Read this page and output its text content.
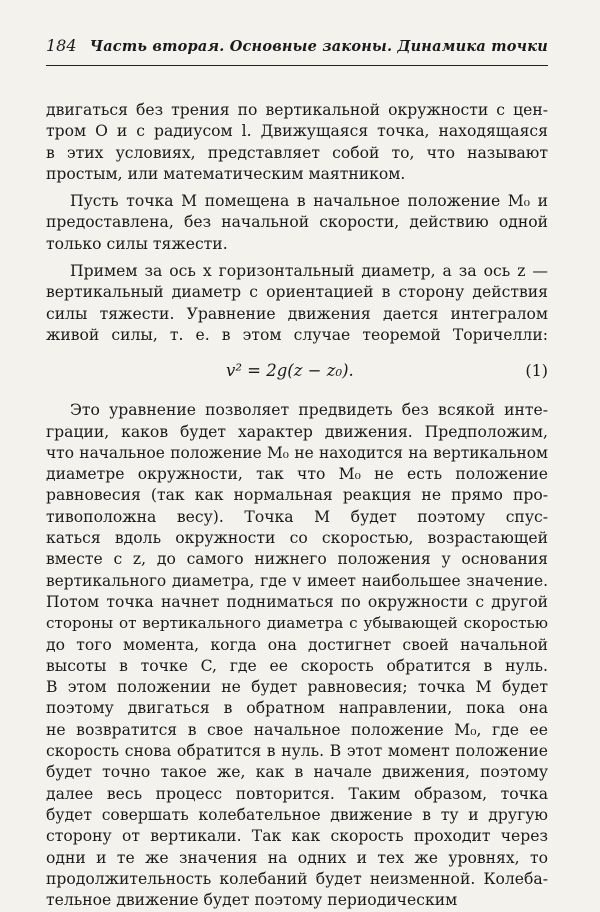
184 Часть вторая. Основные законы. Динамика точки
двигаться без трения по вертикальной окружности с цен-
тром O и с радиусом l. Движущаяся точка, находящаяся
в этих условиях, представляет собой то, что называют
простым, или математическим маятником.
Пусть точка M помещена в начальное положение M₀ и
предоставлена, без начальной скорости, действию одной
только силы тяжести.
Примем за ось x горизонтальный диаметр, а за ось z —
вертикальный диаметр с ориентацией в сторону действия
силы тяжести. Уравнение движения дается интегралом
живой силы, т. е. в этом случае теоремой Торичелли:
v² = 2g(z − z₀).	(1)
Это уравнение позволяет предвидеть без всякой инте-
грации, каков будет характер движения. Предположим,
что начальное положение M₀ не находится на вертикальном
диаметре окружности, так что M₀ не есть положение
равновесия (так как нормальная реакция не прямо про-
тивоположна весу). Точка M будет поэтому спус-
каться вдоль окружности со скоростью, возрастающей
вместе с z, до самого нижнего положения у основания
вертикального диаметра, где v имеет наибольшее значение.
Потом точка начнет подниматься по окружности с другой
стороны от вертикального диаметра с убывающей скоростью
до того момента, когда она достигнет своей начальной
высоты в точке C, где ее скорость обратится в нуль.
В этом положении не будет равновесия; точка M будет
поэтому двигаться в обратном направлении, пока она
не возвратится в свое начальное положение M₀, где ее
скорость снова обратится в нуль. В этот момент положение
будет точно такое же, как в начале движения, поэтому
далее весь процесс повторится. Таким образом, точка
будет совершать колебательное движение в ту и другую
сторону от вертикали. Так как скорость проходит через
одни и те же значения на одних и тех же уровнях, то
продолжительность колебаний будет неизменной. Колеба-
тельное движение будет поэтому периодическим
